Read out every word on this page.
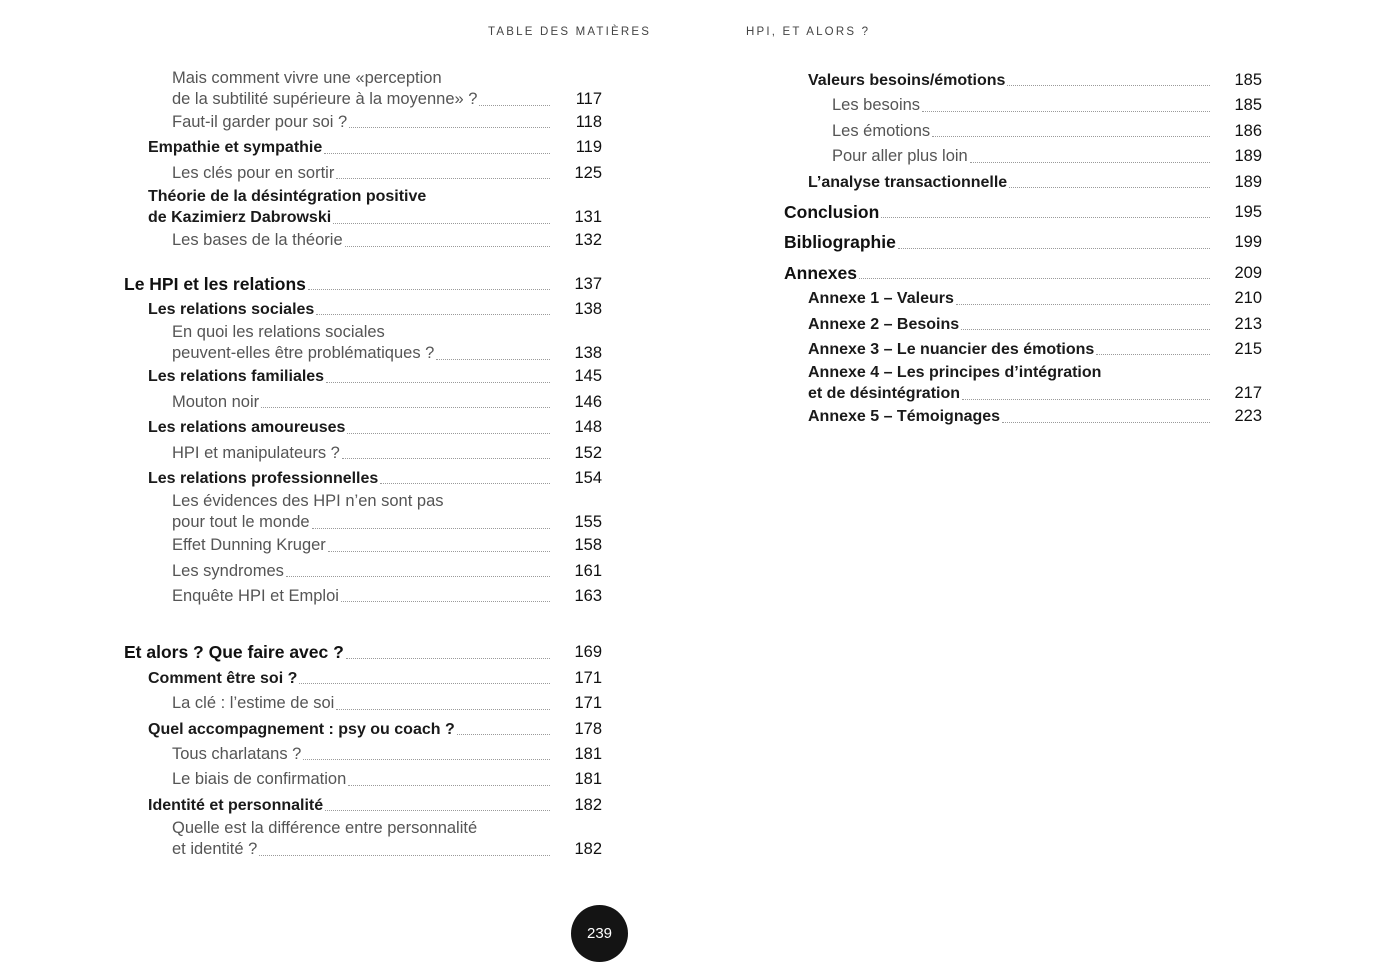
TABLE DES MATIÈRES	HPI, ET ALORS ?
Mais comment vivre une «perception
de la subtilité supérieure à la moyenne» ?	117
Faut-il garder pour soi ?	118
Empathie et sympathie	119
Les clés pour en sortir	125
Théorie de la désintégration positive
de Kazimierz Dabrowski	131
Les bases de la théorie	132
Le HPI et les relations	137
Les relations sociales	138
En quoi les relations sociales
peuvent-elles être problématiques ?	138
Les relations familiales	145
Mouton noir	146
Les relations amoureuses	148
HPI et manipulateurs ?	152
Les relations professionnelles	154
Les évidences des HPI n’en sont pas
pour tout le monde	155
Effet Dunning Kruger	158
Les syndromes	161
Enquête HPI et Emploi	163
Et alors ? Que faire avec ?	169
Comment être soi ?	171
La clé : l’estime de soi	171
Quel accompagnement : psy ou coach ?	178
Tous charlatans ?	181
Le biais de confirmation	181
Identité et personnalité	182
Quelle est la différence entre personnalité
et identité ?	182
Valeurs besoins/émotions	185
Les besoins	185
Les émotions	186
Pour aller plus loin	189
L’analyse transactionnelle	189
Conclusion	195
Bibliographie	199
Annexes	209
Annexe 1 – Valeurs	210
Annexe 2 – Besoins	213
Annexe 3 – Le nuancier des émotions	215
Annexe 4 – Les principes d’intégration
et de désintégration	217
Annexe 5 – Témoignages	223
239
